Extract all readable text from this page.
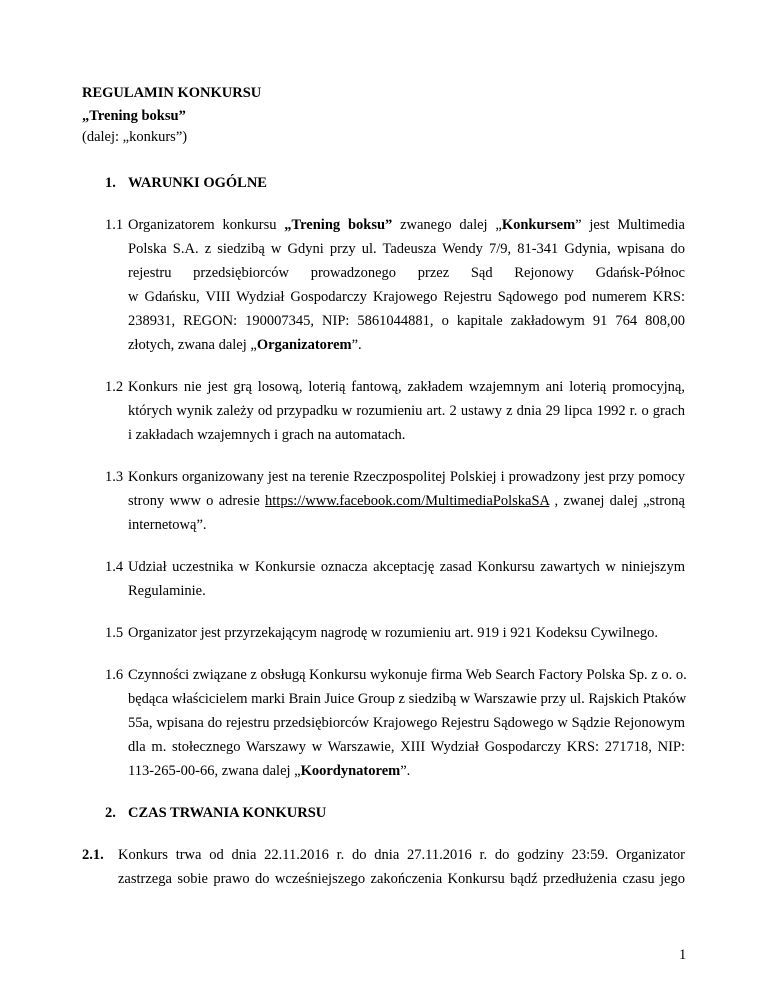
REGULAMIN KONKURSU
„Trening boksu”
(dalej: „konkurs”)
1. WARUNKI OGÓLNE
1.1 Organizatorem konkursu „Trening boksu” zwanego dalej „Konkursem” jest Multimedia
Polska S.A. z siedzibą w Gdyni przy ul. Tadeusza Wendy 7/9, 81-341 Gdynia, wpisana do
rejestru przedsiębiorców prowadzonego przez Sąd Rejonowy Gdańsk-Północ
w Gdańsku, VIII Wydział Gospodarczy Krajowego Rejestru Sądowego pod numerem KRS:
238931, REGON: 190007345, NIP: 5861044881, o kapitale zakładowym 91 764 808,00
złotych, zwana dalej „Organizatorem”.
1.2 Konkurs nie jest grą losową, loterią fantową, zakładem wzajemnym ani loterią promocyjną,
których wynik zależy od przypadku w rozumieniu art. 2 ustawy z dnia 29 lipca 1992 r. o grach
i zakładach wzajemnych i grach na automatach.
1.3 Konkurs organizowany jest na terenie Rzeczpospolitej Polskiej i prowadzony jest przy pomocy
strony www o adresie https://www.facebook.com/MultimediaPolskaSA , zwanej dalej „stroną
internetową”.
1.4 Udział uczestnika w Konkursie oznacza akceptację zasad Konkursu zawartych w niniejszym
Regulaminie.
1.5 Organizator jest przyrzekającym nagrodę w rozumieniu art. 919 i 921 Kodeksu Cywilnego.
1.6 Czynności związane z obsługą Konkursu wykonuje firma Web Search Factory Polska Sp. z o. o.
będąca właścicielem marki Brain Juice Group z siedzibą w Warszawie przy ul. Rajskich Ptaków
55a, wpisana do rejestru przedsiębiorców Krajowego Rejestru Sądowego w Sądzie Rejonowym
dla m. stołecznego Warszawy w Warszawie, XIII Wydział Gospodarczy KRS: 271718, NIP:
113-265-00-66, zwana dalej „Koordynatorem”.
2. CZAS TRWANIA KONKURSU
2.1. Konkurs trwa od dnia 22.11.2016 r. do dnia 27.11.2016 r. do godziny 23:59. Organizator
zastrzega sobie prawo do wcześniejszego zakończenia Konkursu bądź przedłużenia czasu jego
1
